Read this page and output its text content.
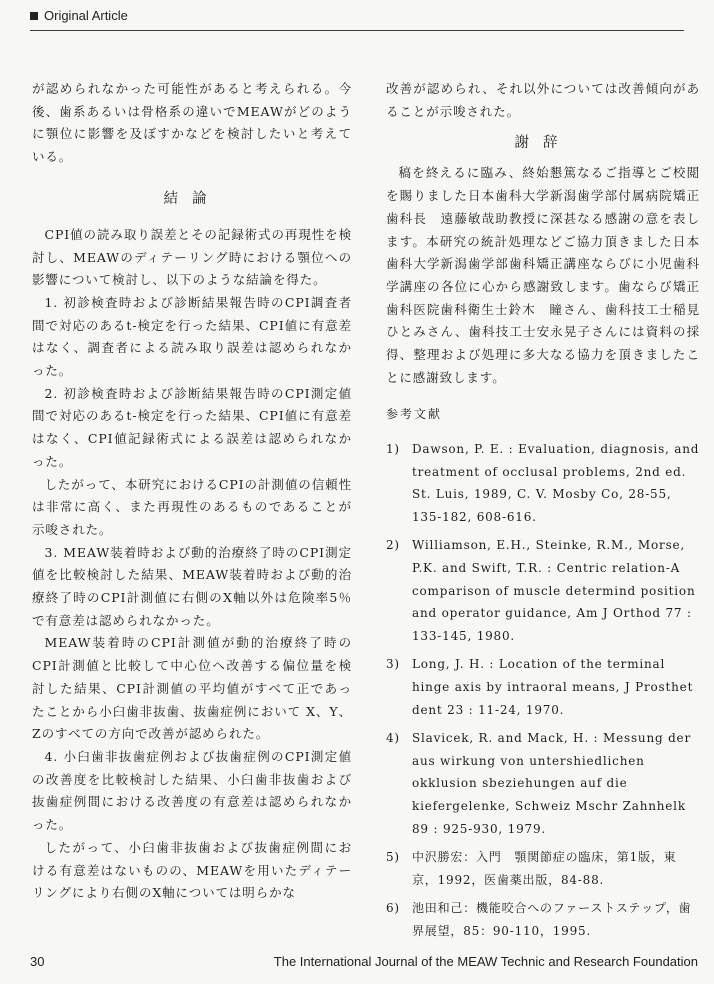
Original Article

が認められなかった可能性があると考えられる。今後、歯系あるいは骨格系の違いでMEAWがどのように顎位に影響を及ぼすかなどを検討したいと考えている。

結論

CPI値の読み取り誤差とその記録術式の再現性を検討し、MEAWのディテーリング時における顎位への影響について検討し、以下のような結論を得た。

1. 初診検査時および診断結果報告時のCPI調査者間で対応のあるt-検定を行った結果、CPI値に有意差はなく、調査者による読み取り誤差は認められなかった。

2. 初診検査時および診断結果報告時のCPI測定値間で対応のあるt-検定を行った結果、CPI値に有意差はなく、CPI値記録術式による誤差は認められなかった。

したがって、本研究におけるCPIの計測値の信頼性は非常に高く、また再現性のあるものであることが示唆された。

3. MEAW装着時および動的治療終了時のCPI測定値を比較検討した結果、MEAW装着時および動的治療終了時のCPI計測値に右側のX軸以外は危険率5％で有意差は認められなかった。

MEAW装着時のCPI計測値が動的治療終了時のCPI計測値と比較して中心位へ改善する偏位量を検討した結果、CPI計測値の平均値がすべて正であったことから小臼歯非抜歯、抜歯症例において X、Y、Zのすべての方向で改善が認められた。

4. 小臼歯非抜歯症例および抜歯症例のCPI測定値の改善度を比較検討した結果、小臼歯非抜歯および抜歯症例間における改善度の有意差は認められなかった。

したがって、小臼歯非抜歯および抜歯症例間における有意差はないものの、MEAWを用いたディテーリングにより右側のX軸については明らかな

改善が認められ、それ以外については改善傾向があることが示唆された。

謝辞

稿を終えるに臨み、終始懇篤なるご指導とご校閲を賜りました日本歯科大学新潟歯学部付属病院矯正歯科長　遠藤敏哉助教授に深甚なる感謝の意を表します。本研究の統計処理などご協力頂きました日本歯科大学新潟歯学部歯科矯正講座ならびに小児歯科学講座の各位に心から感謝致します。歯ならび矯正歯科医院歯科衛生士鈴木　瞳さん、歯科技工士稲見ひとみさん、歯科技工士安永晃子さんには資料の採得、整理および処理に多大なる協力を頂きましたことに感謝致します。

参考文献
1)	Dawson, P. E. : Evaluation, diagnosis, and treatment of occlusal problems, 2nd ed. St. Luis, 1989, C. V. Mosby Co, 28-55, 135-182, 608-616.
2)	Williamson, E.H., Steinke, R.M., Morse, P.K. and Swift, T.R. : Centric relation-A comparison of muscle determind position and operator guidance, Am J Orthod 77 : 133-145, 1980.
3)	Long, J. H. : Location of the terminal hinge axis by intraoral means, J Prosthet dent 23 : 11-24, 1970.
4)	Slavicek, R. and Mack, H. : Messung der aus wirkung von untershiedlichen okklusion sbeziehungen auf die kiefergelenke, Schweiz Mschr Zahnhelk 89 : 925-930, 1979.
5)	中沢勝宏：入門　顎関節症の臨床，第1版，東京，1992，医歯薬出版，84-88.
6)	池田和己：機能咬合へのファーストステップ，歯界展望，85：90-110，1995.
30	The International Journal of the MEAW Technic and Research Foundation
